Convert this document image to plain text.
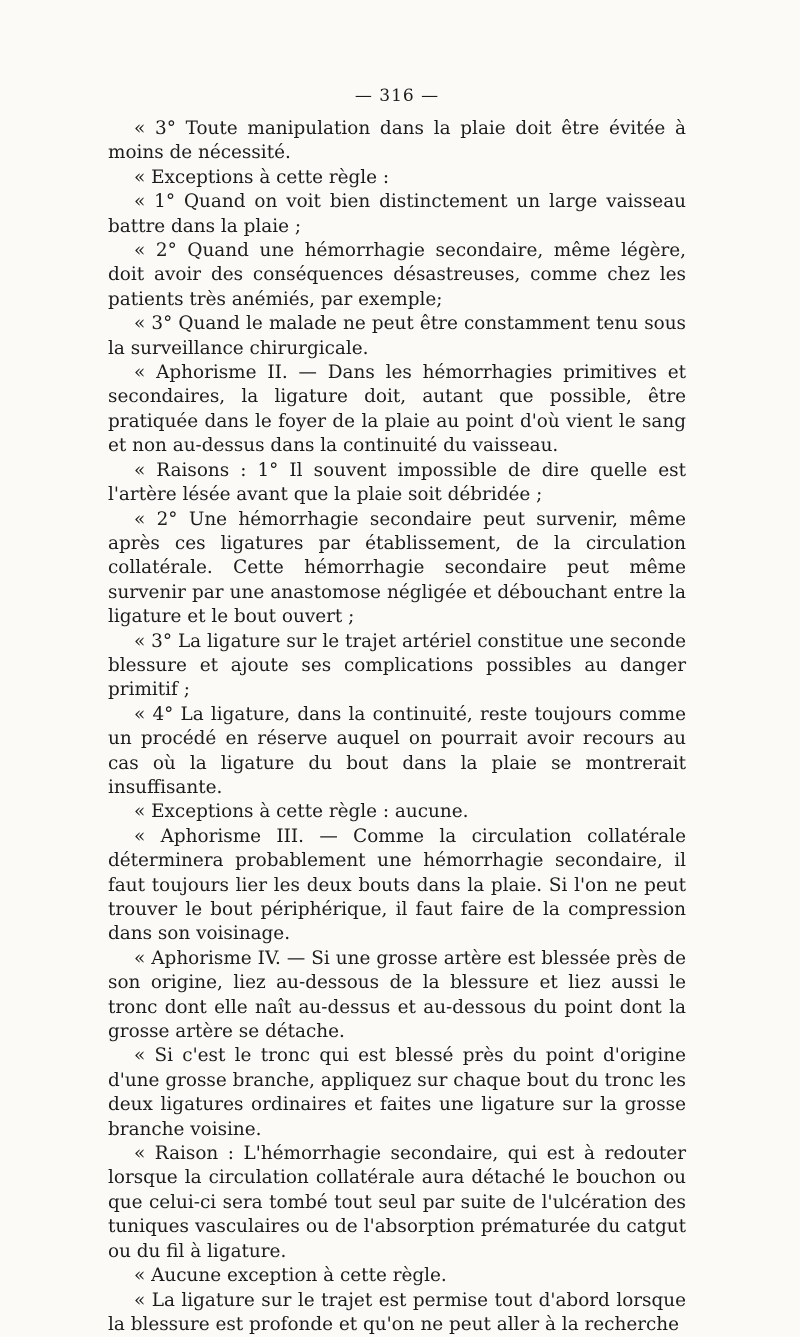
— 316 —

« 3° Toute manipulation dans la plaie doit être évitée à moins de nécessité.

« Exceptions à cette règle :

« 1° Quand on voit bien distinctement un large vaisseau battre dans la plaie ;

« 2° Quand une hémorrhagie secondaire, même légère, doit avoir des conséquences désastreuses, comme chez les patients très anémiés, par exemple;

« 3° Quand le malade ne peut être constamment tenu sous la surveillance chirurgicale.

« Aphorisme II. — Dans les hémorrhagies primitives et secondaires, la ligature doit, autant que possible, être pratiquée dans le foyer de la plaie au point d'où vient le sang et non au-dessus dans la continuité du vaisseau.

« Raisons : 1° Il souvent impossible de dire quelle est l'artère lésée avant que la plaie soit débridée ;

« 2° Une hémorrhagie secondaire peut survenir, même après ces ligatures par établissement, de la circulation collatérale. Cette hémorrhagie secondaire peut même survenir par une anastomose négligée et débouchant entre la ligature et le bout ouvert ;

« 3° La ligature sur le trajet artériel constitue une seconde blessure et ajoute ses complications possibles au danger primitif ;

« 4° La ligature, dans la continuité, reste toujours comme un procédé en réserve auquel on pourrait avoir recours au cas où la ligature du bout dans la plaie se montrerait insuffisante.

« Exceptions à cette règle : aucune.

« Aphorisme III. — Comme la circulation collatérale déterminera probablement une hémorrhagie secondaire, il faut toujours lier les deux bouts dans la plaie. Si l'on ne peut trouver le bout périphérique, il faut faire de la compression dans son voisinage.

« Aphorisme IV. — Si une grosse artère est blessée près de son origine, liez au-dessous de la blessure et liez aussi le tronc dont elle naît au-dessus et au-dessous du point dont la grosse artère se détache.

« Si c'est le tronc qui est blessé près du point d'origine d'une grosse branche, appliquez sur chaque bout du tronc les deux ligatures ordinaires et faites une ligature sur la grosse branche voisine.

« Raison : L'hémorrhagie secondaire, qui est à redouter lorsque la circulation collatérale aura détaché le bouchon ou que celui-ci sera tombé tout seul par suite de l'ulcération des tuniques vasculaires ou de l'absorption prématurée du catgut ou du fil à ligature.

« Aucune exception à cette règle.

« La ligature sur le trajet est permise tout d'abord lorsque la blessure est profonde et qu'on ne peut aller à la recherche
